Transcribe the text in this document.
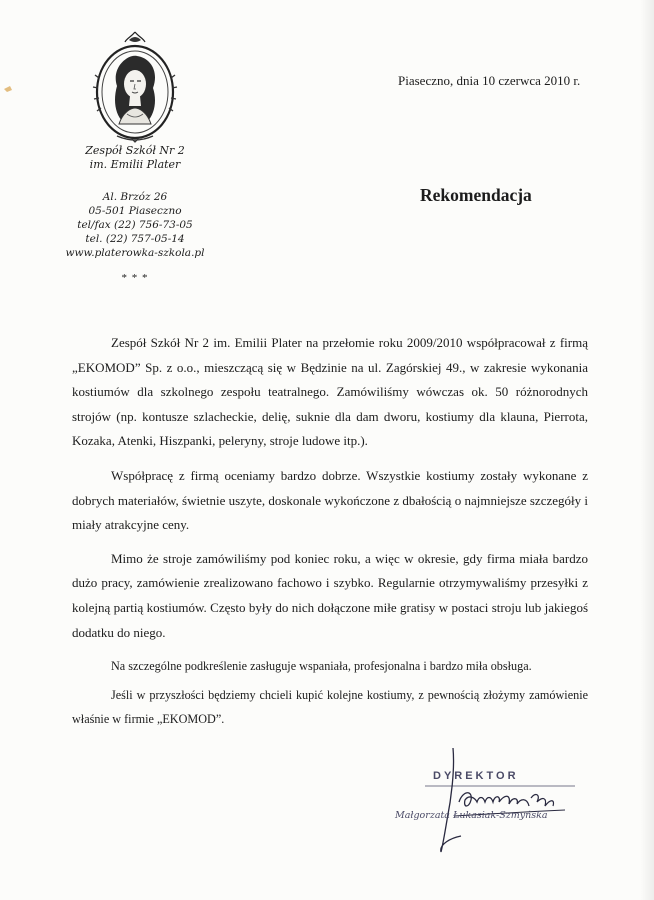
Zespół Szkół Nr 2
im. Emilii Plater
Al. Brzóz 26
05-501 Piaseczno
tel/fax (22) 756-73-05
tel. (22) 757-05-14
www.platerowka-szkola.pl
* * *
Piaseczno, dnia 10 czerwca 2010 r.
Rekomendacja

Zespół Szkół Nr 2 im. Emilii Plater na przełomie roku 2009/2010 współpracował z firmą „EKOMOD” Sp. z o.o., mieszczącą się w Będzinie na ul. Zagórskiej 49., w zakresie wykonania kostiumów dla szkolnego zespołu teatralnego. Zamówiliśmy wówczas ok. 50 różnorodnych strojów (np. kontusze szlacheckie, delię, suknie dla dam dworu, kostiumy dla klauna, Pierrota, Kozaka, Atenki, Hiszpanki, peleryny, stroje ludowe itp.).

Współpracę z firmą oceniamy bardzo dobrze. Wszystkie kostiumy zostały wykonane z dobrych materiałów, świetnie uszyte, doskonale wykończone z dbałością o najmniejsze szczegóły i miały atrakcyjne ceny.

Mimo że stroje zamówiliśmy pod koniec roku, a więc w okresie, gdy firma miała bardzo dużo pracy, zamówienie zrealizowano fachowo i szybko. Regularnie otrzymywaliśmy przesyłki z kolejną partią kostiumów. Często były do nich dołączone miłe gratisy w postaci stroju lub jakiegoś dodatku do niego.

Na szczególne podkreślenie zasługuje wspaniała, profesjonalna i bardzo miła obsługa.

Jeśli w przyszłości będziemy chcieli kupić kolejne kostiumy, z pewnością złożymy zamówienie właśnie w firmie „EKOMOD”.

DYREKTOR
Małgorzata Łukasiak-Szmyńska
